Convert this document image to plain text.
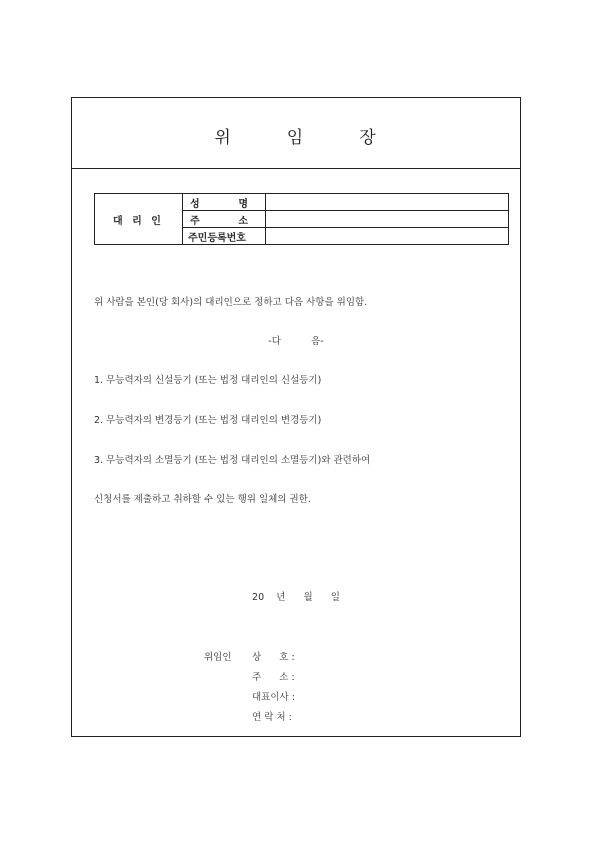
위	임	장
대 리 인	성 명	

	주 소	

	주민등록번호	
위 사람을 본인(당 회사)의 대리인으로 정하고 다음 사항을 위임함.
-다          음-
1. 무능력자의 신설등기 (또는 법정 대리인의 신설등기)
2. 무능력자의 변경등기 (또는 법정 대리인의 변경등기)
3. 무능력자의 소멸등기 (또는 법정 대리인의 소멸등기)와 관련하여
신청서를 제출하고 취하할 수 있는 행위 일체의 권한.
20    년      월      일
위임인 상      호 :
주      소 :
대표이사 :
연 락 처 :
